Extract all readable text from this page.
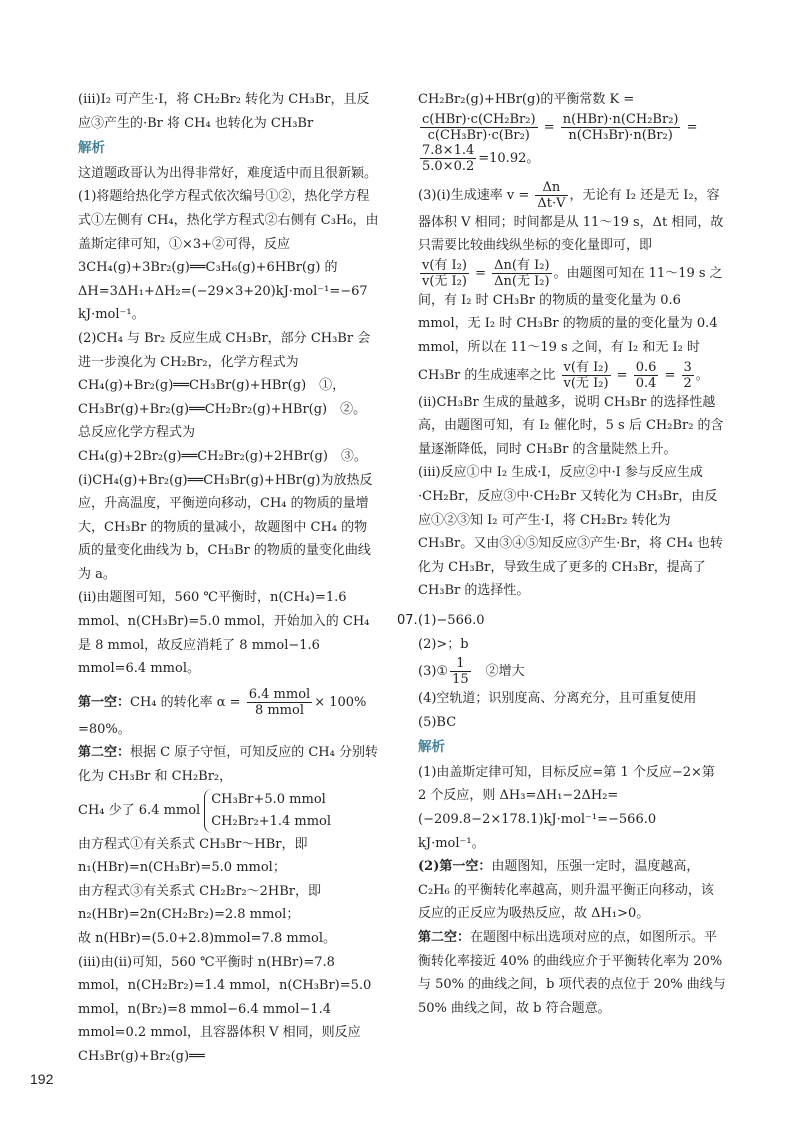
(ⅲ)I₂ 可产生·I，将 CH₂Br₂ 转化为 CH₃Br，且反应③产生的·Br 将 CH₄ 也转化为 CH₃Br

解析

这道题政哥认为出得非常好，难度适中而且很新颖。

(1)将题给热化学方程式依次编号①②，热化学方程式①左侧有 CH₄，热化学方程式②右侧有 C₃H₆，由盖斯定律可知，①×3+②可得，反应 3CH₄(g)+3Br₂(g)══C₃H₆(g)+6HBr(g) 的 ΔH=3ΔH₁+ΔH₂=(−29×3+20)kJ·mol⁻¹=−67 kJ·mol⁻¹。

(2)CH₄ 与 Br₂ 反应生成 CH₃Br，部分 CH₃Br 会进一步溴化为 CH₂Br₂，化学方程式为 CH₄(g)+Br₂(g)══CH₃Br(g)+HBr(g)　①，

CH₃Br(g)+Br₂(g)══CH₂Br₂(g)+HBr(g)　②。

总反应化学方程式为 CH₄(g)+2Br₂(g)══CH₂Br₂(g)+2HBr(g)　③。

(ⅰ)CH₄(g)+Br₂(g)══CH₃Br(g)+HBr(g)为放热反应，升高温度，平衡逆向移动，CH₄ 的物质的量增大，CH₃Br 的物质的量减小，故题图中 CH₄ 的物质的量变化曲线为 b，CH₃Br 的物质的量变化曲线为 a。

(ⅱ)由题图可知，560 ℃平衡时，n(CH₄)=1.6 mmol、n(CH₃Br)=5.0 mmol，开始加入的 CH₄ 是 8 mmol，故反应消耗了 8 mmol−1.6 mmol=6.4 mmol。

第一空：CH₄ 的转化率 $\alpha = \frac{\text{6.4 mmol}}{\text{8 mmol}} \times 100\%$

=80%。

第二空：根据 C 原子守恒，可知反应的 CH₄ 分别转化为 CH₃Br 和 CH₂Br₂，

CH₄ 少了 6.4 mmol
CH₃Br+5.0 mmol
CH₂Br₂+1.4 mmol

由方程式①有关系式 CH₃Br～HBr，即 n₁(HBr)=n(CH₃Br)=5.0 mmol；

由方程式③有关系式 CH₂Br₂～2HBr，即 n₂(HBr)=2n(CH₂Br₂)=2.8 mmol；

故 n(HBr)=(5.0+2.8)mmol=7.8 mmol。

(ⅲ)由(ⅱ)可知，560 ℃平衡时 n(HBr)=7.8 mmol，n(CH₂Br₂)=1.4 mmol，n(CH₃Br)=5.0 mmol，n(Br₂)=8 mmol−6.4 mmol−1.4 mmol=0.2 mmol，且容器体积 V 相同，则反应 CH₃Br(g)+Br₂(g)══

CH₂Br₂(g)+HBr(g)的平衡常数 K =

$\frac{\text{c(HBr)·c(CH₂Br₂)}}{\text{c(CH₃Br)·c(Br₂)}} = \frac{\text{n(HBr)·n(CH₂Br₂)}}{\text{n(CH₃Br)·n(Br₂)}}$ =

$\frac{7.8\times 1.4}{5.0\times 0.2} =10.92$。

(3)(ⅰ)生成速率 $v = \frac{\Delta n}{\Delta t\cdot V}$ ，无论有 I₂ 还是无 I₂，容器体积 V 相同；时间都是从 11～19 s，Δt 相同，故只需要比较曲线纵坐标的变化量即可，即

$\frac{\text{v(有 I₂)}}{\text{v(无 I₂)}} = \frac{\text{Δn(有 I₂)}}{\text{Δn(无 I₂)}}$ 。由题图可知在 11～19 s 之间，有 I₂ 时 CH₃Br 的物质的量变化量为 0.6 mmol，无 I₂ 时 CH₃Br 的物质的量的变化量为 0.4 mmol，所以在 11～19 s 之间，有 I₂ 和无 I₂ 时 CH₃Br 的生成速率之比 $\frac{\text{v(有 I₂)}}{\text{v(无 I₂)}} = \frac{0.6}{0.4} = \frac{3}{2}$ 。

(ⅱ)CH₃Br 生成的量越多，说明 CH₃Br 的选择性越高，由题图可知，有 I₂ 催化时，5 s 后 CH₂Br₂ 的含量逐渐降低，同时 CH₃Br 的含量陡然上升。

(ⅲ)反应①中 I₂ 生成·I，反应②中·I 参与反应生成·CH₂Br，反应③中·CH₂Br 又转化为 CH₃Br，由反应①②③知 I₂ 可产生·I，将 CH₂Br₂ 转化为 CH₃Br。又由③④⑤知反应③产生·Br，将 CH₄ 也转化为 CH₃Br，导致生成了更多的 CH₃Br，提高了 CH₃Br 的选择性。

07. (1)−566.0

(2)>；b

(3)① $\frac{1}{15}$
　 ②增大

(4)空轨道；识别度高、分离充分，且可重复使用

(5)BC

解析

(1)由盖斯定律可知，目标反应=第 1 个反应−2×第 2 个反应，则 ΔH₃=ΔH₁−2ΔH₂=(−209.8−2×178.1)kJ·mol⁻¹=−566.0 kJ·mol⁻¹。

(2)第一空：由题图知，压强一定时，温度越高，C₂H₆ 的平衡转化率越高，则升温平衡正向移动，该反应的正反应为吸热反应，故 ΔH₁>0。

第二空：在题图中标出选项对应的点，如图所示。平衡转化率接近 40% 的曲线应介于平衡转化率为 20% 与 50% 的曲线之间，b 项代表的点位于 20% 曲线与 50% 曲线之间，故 b 符合题意。

192
